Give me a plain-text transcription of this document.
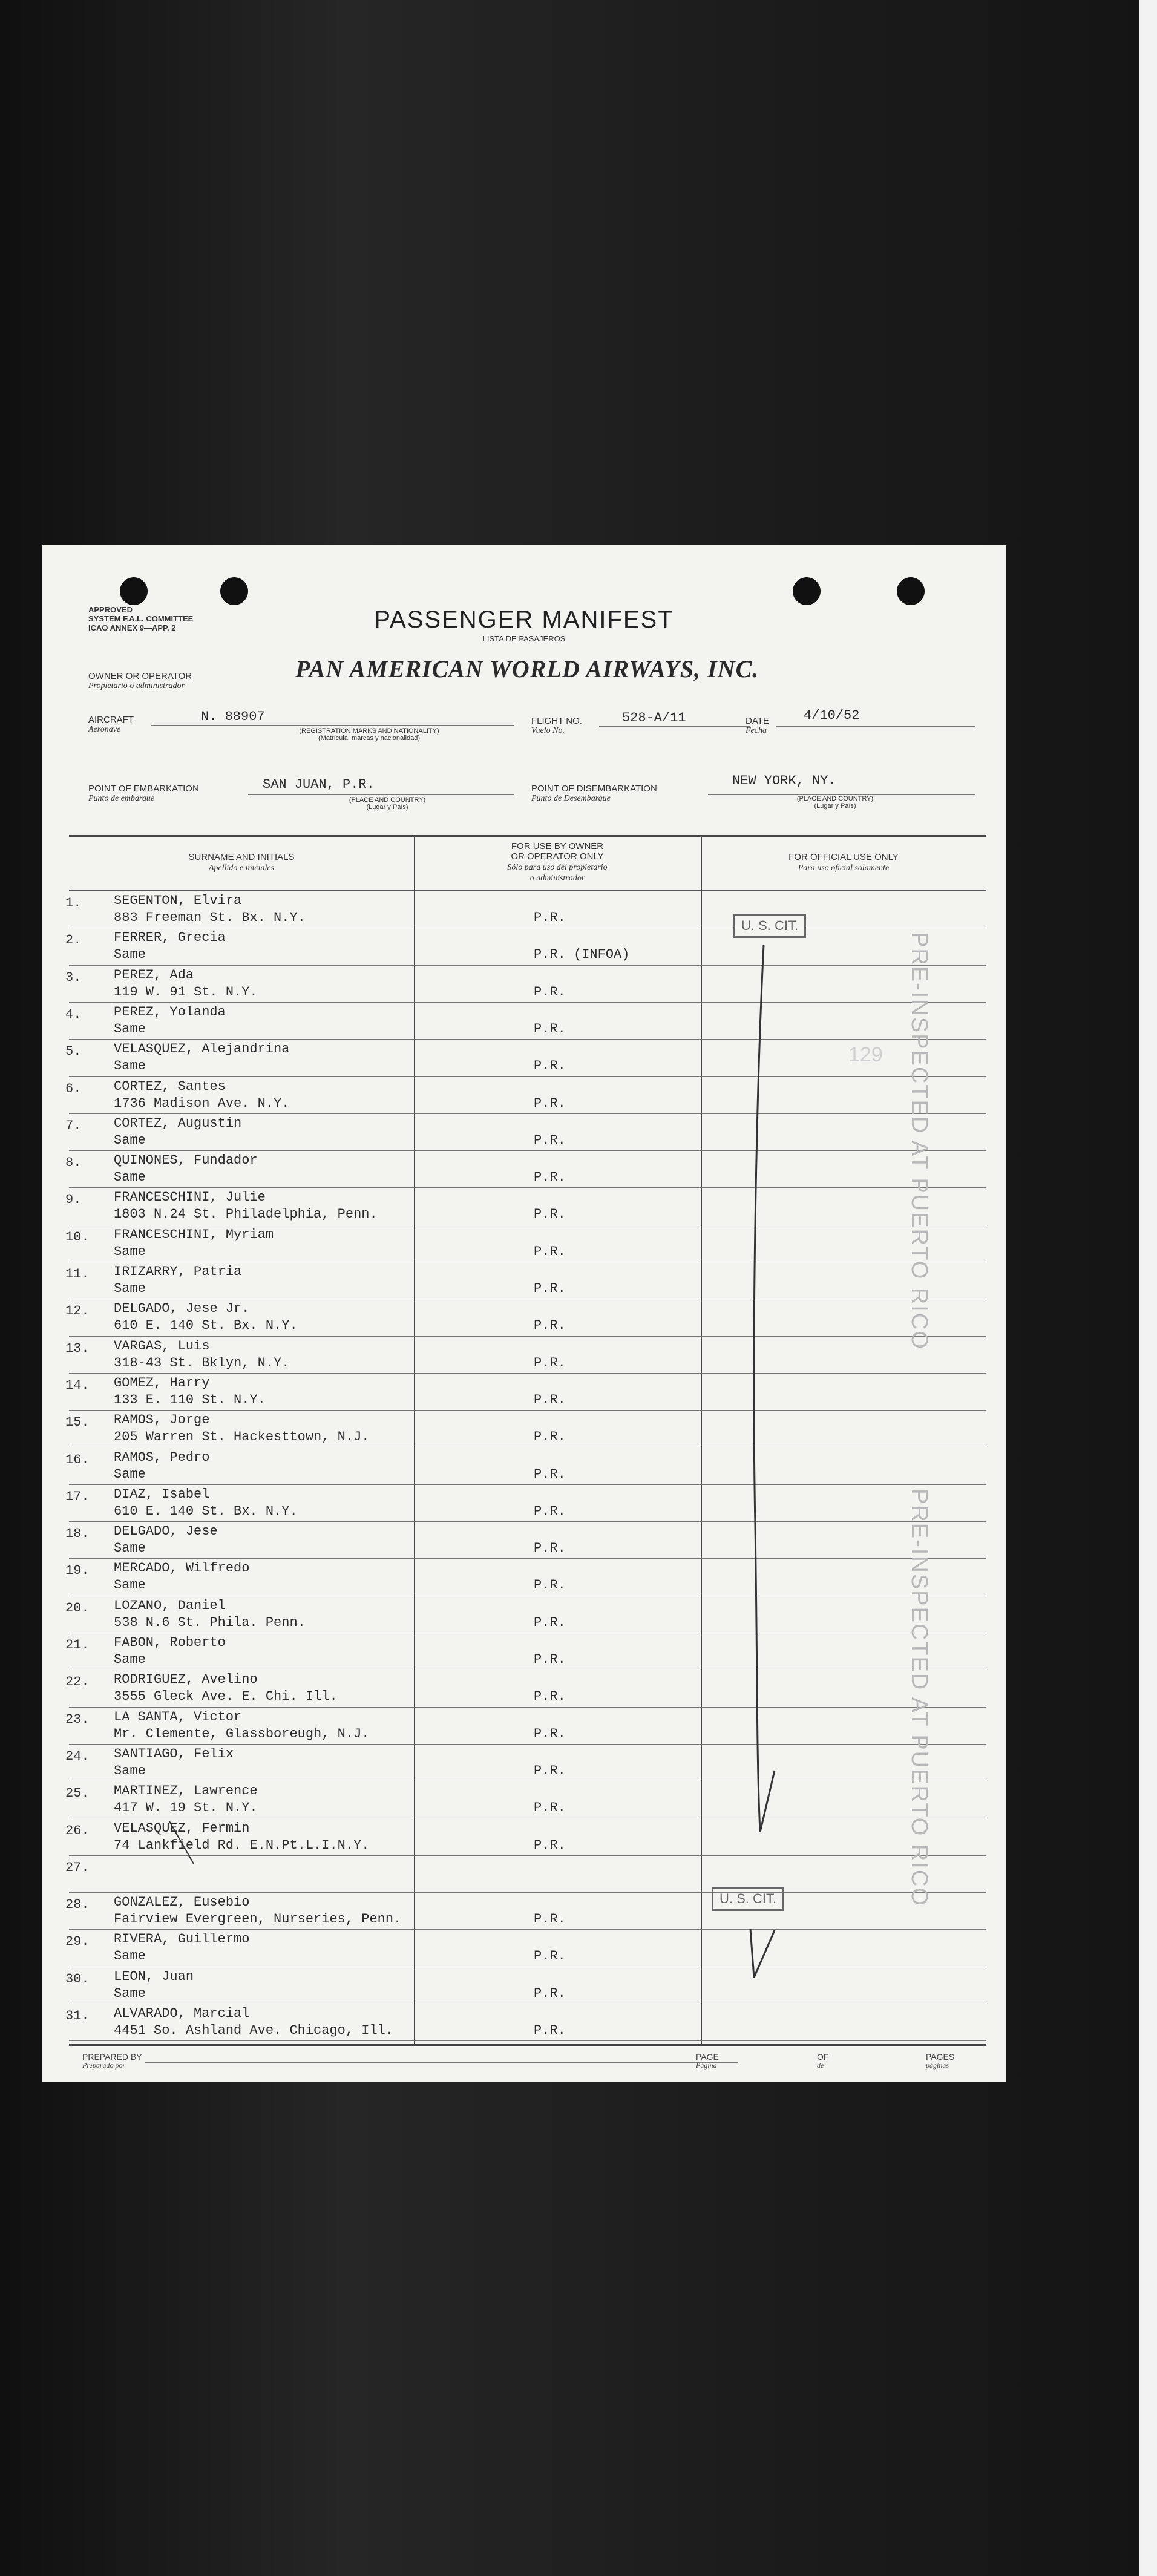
APPROVED
SYSTEM F.A.L. COMMITTEE
ICAO ANNEX 9—APP. 2	PASSENGER MANIFEST
LISTA DE PASAJEROS
OWNER OR OPERATOR
Propietario o administrador
PAN AMERICAN WORLD AIRWAYS, INC.
AIRCRAFT
Aeronave
N. 88907
(REGISTRATION MARKS AND NATIONALITY)
(Matrícula, marcas y nacionalidad)
FLIGHT NO.
Vuelo No.
528-A/11	DATE
Fecha
4/10/52
POINT OF EMBARKATION
Punto de embarque
SAN JUAN, P.R.
(PLACE AND COUNTRY)
(Lugar y País)
POINT OF DISEMBARKATION
Punto de Desembarque
NEW YORK, NY.
(PLACE AND COUNTRY)
(Lugar y País)
SURNAME AND INITIALS
Apellido e iniciales
FOR USE BY OWNER
OR OPERATOR ONLY
Sólo para uso del propietario
o administrador
FOR OFFICIAL USE ONLY
Para uso oficial solamente
1. SEGENTON, Elvira
883 Freeman St. Bx. N.Y.	P.R.
2. FERRER, Grecia
Same	P.R. (INFOA)
3. PEREZ, Ada
119 W. 91 St. N.Y.	P.R.
4. PEREZ, Yolanda
Same	P.R.
5. VELASQUEZ, Alejandrina
Same	P.R.
6. CORTEZ, Santes
1736 Madison Ave. N.Y.	P.R.
7. CORTEZ, Augustin
Same	P.R.
8. QUINONES, Fundador
Same	P.R.
9. FRANCESCHINI, Julie
1803 N.24 St. Philadelphia, Penn.	P.R.
10. FRANCESCHINI, Myriam
Same	P.R.
11. IRIZARRY, Patria
Same	P.R.
12. DELGADO, Jese Jr.
610 E. 140 St. Bx. N.Y.	P.R.
13. VARGAS, Luis
318-43 St. Bklyn, N.Y.	P.R.
14. GOMEZ, Harry
133 E. 110 St. N.Y.	P.R.
15. RAMOS, Jorge
205 Warren St. Hackesttown, N.J.	P.R.
16. RAMOS, Pedro
Same	P.R.
17. DIAZ, Isabel
610 E. 140 St. Bx. N.Y.	P.R.
18. DELGADO, Jese
Same	P.R.
19. MERCADO, Wilfredo
Same	P.R.
20. LOZANO, Daniel
538 N.6 St. Phila. Penn.	P.R.
21. FABON, Roberto
Same	P.R.
22. RODRIGUEZ, Avelino
3555 Gleck Ave. E. Chi. Ill.	P.R.
23. LA SANTA, Victor
Mr. Clemente, Glassboreugh, N.J.	P.R.
24. SANTIAGO, Felix
Same	P.R.
25. MARTINEZ, Lawrence
417 W. 19 St. N.Y.	P.R.
26. VELASQUEZ, Fermin
74 Lankfield Rd. E.N.Pt.L.I.N.Y.	P.R.
27.
28. GONZALEZ, Eusebio
Fairview Evergreen, Nurseries, Penn.	P.R.
29. RIVERA, Guillermo
Same	P.R.
30. LEON, Juan
Same	P.R.
31. ALVARADO, Marcial
4451 So. Ashland Ave. Chicago, Ill.	P.R.
U. S. CIT.
U. S. CIT.
129 PRE-INSPECTED AT PUERTO RICO
PRE-INSPECTED AT PUERTO RICO
PREPARED BY
Preparado por
PAGE
Página
OF
de
PAGES
páginas
